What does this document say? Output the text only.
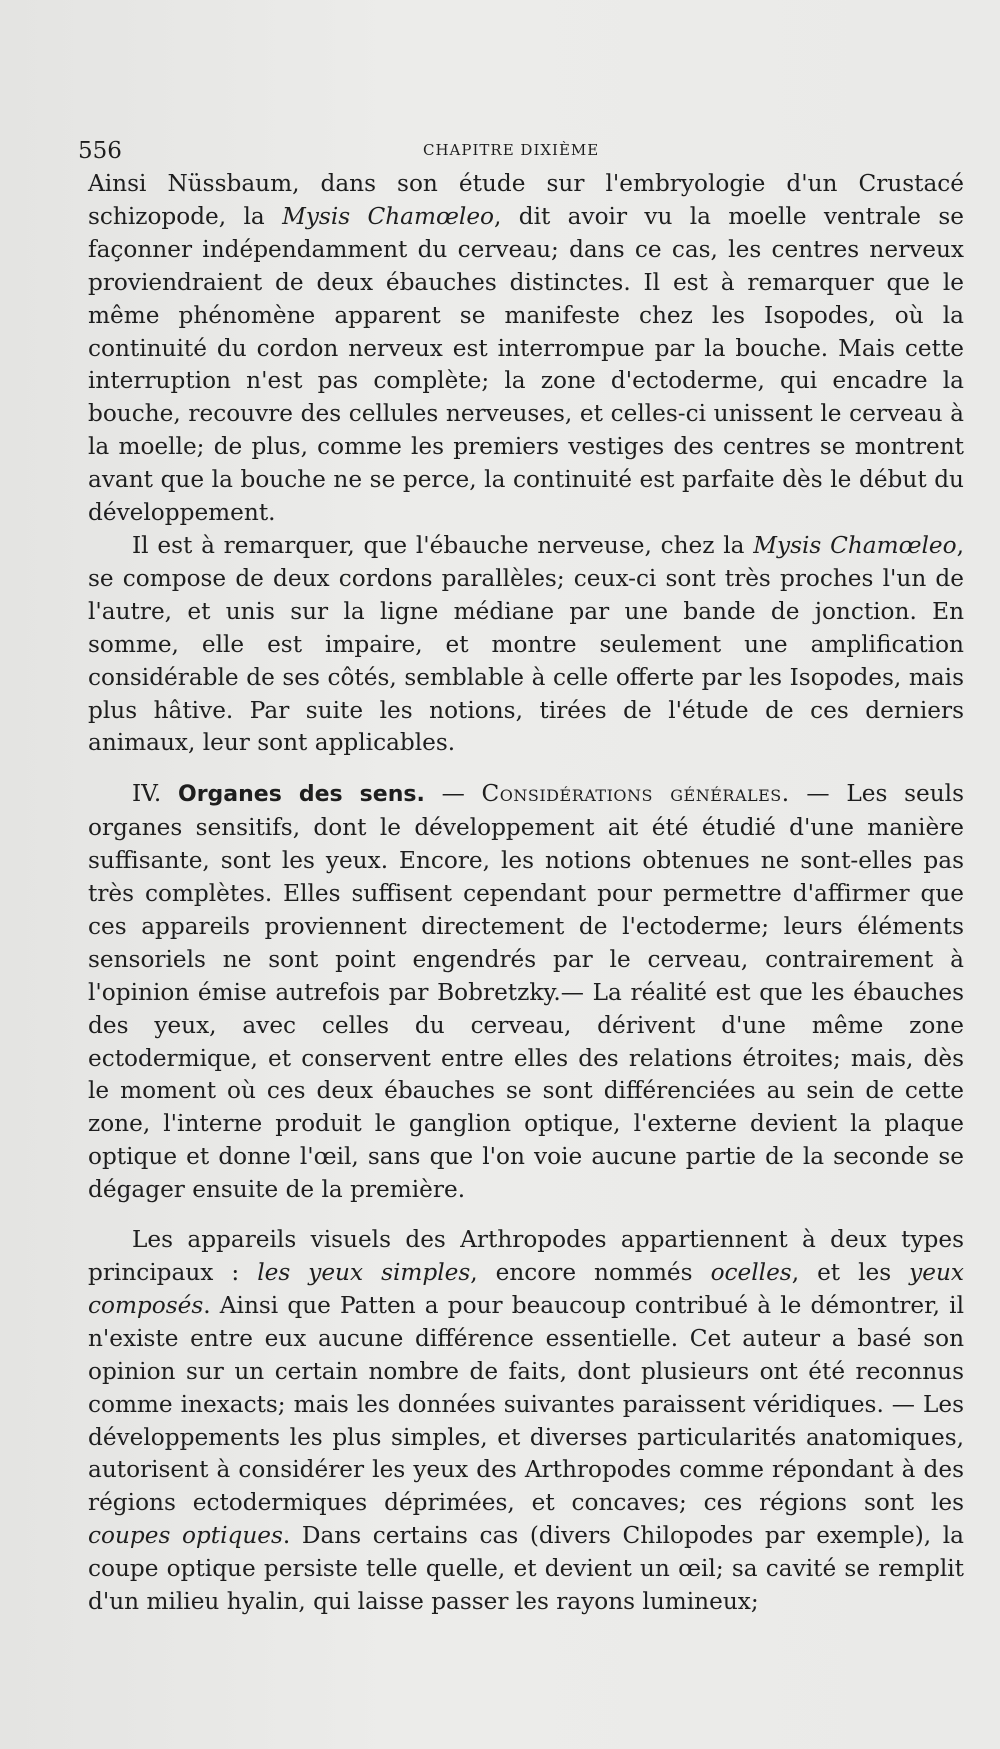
556	CHAPITRE DIXIÈME

Ainsi Nüssbaum, dans son étude sur l'embryologie d'un Crustacé schizopode, la Mysis Chamœleo, dit avoir vu la moelle ventrale se façonner indépendamment du cerveau; dans ce cas, les centres nerveux proviendraient de deux ébauches distinctes. Il est à remarquer que le même phénomène apparent se manifeste chez les Isopodes, où la continuité du cordon nerveux est interrompue par la bouche. Mais cette interruption n'est pas complète; la zone d'ectoderme, qui encadre la bouche, recouvre des cellules nerveuses, et celles-ci unissent le cerveau à la moelle; de plus, comme les premiers vestiges des centres se montrent avant que la bouche ne se perce, la continuité est parfaite dès le début du développement.

Il est à remarquer, que l'ébauche nerveuse, chez la Mysis Chamœleo, se compose de deux cordons parallèles; ceux-ci sont très proches l'un de l'autre, et unis sur la ligne médiane par une bande de jonction. En somme, elle est impaire, et montre seulement une amplification considérable de ses côtés, semblable à celle offerte par les Isopodes, mais plus hâtive. Par suite les notions, tirées de l'étude de ces derniers animaux, leur sont applicables.

IV. Organes des sens. — Considérations générales. — Les seuls organes sensitifs, dont le développement ait été étudié d'une manière suffisante, sont les yeux. Encore, les notions obtenues ne sont-elles pas très complètes. Elles suffisent cependant pour permettre d'affirmer que ces appareils proviennent directement de l'ectoderme; leurs éléments sensoriels ne sont point engendrés par le cerveau, contrairement à l'opinion émise autrefois par Bobretzky.— La réalité est que les ébauches des yeux, avec celles du cerveau, dérivent d'une même zone ectodermique, et conservent entre elles des relations étroites; mais, dès le moment où ces deux ébauches se sont différenciées au sein de cette zone, l'interne produit le ganglion optique, l'externe devient la plaque optique et donne l'œil, sans que l'on voie aucune partie de la seconde se dégager ensuite de la première.

Les appareils visuels des Arthropodes appartiennent à deux types principaux : les yeux simples, encore nommés ocelles, et les yeux composés. Ainsi que Patten a pour beaucoup contribué à le démontrer, il n'existe entre eux aucune différence essentielle. Cet auteur a basé son opinion sur un certain nombre de faits, dont plusieurs ont été reconnus comme inexacts; mais les données suivantes paraissent véridiques. — Les développements les plus simples, et diverses particularités anatomiques, autorisent à considérer les yeux des Arthropodes comme répondant à des régions ectodermiques déprimées, et concaves; ces régions sont les coupes optiques. Dans certains cas (divers Chilopodes par exemple), la coupe optique persiste telle quelle, et devient un œil; sa cavité se remplit d'un milieu hyalin, qui laisse passer les rayons lumineux;
